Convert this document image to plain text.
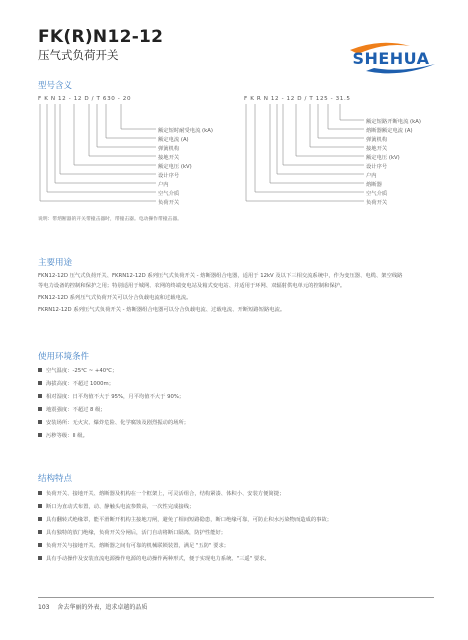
FK(R)N12-12
压气式负荷开关	SHEHUA
型号含义
F K N 12 - 12 D / T 630 - 20	F K R N 12 - 12 D / T 125 - 31.5
额定短时耐受电流 (kA)
额定电流 (A)
弹簧机构
接地开关
额定电压 (kV)
设计序号
户内
空气介质
负荷开关
额定短路开断电流 (kA)
熔断器额定电流 (A)
弹簧机构
接地开关
额定电压 (kV)
设计序号
户内
熔断器
空气介质
负荷开关
说明：带熔断器的开关带撞击器时，带撞击器。电动操作带撞击器。
主要用途
FKN12-12D 压气式负荷开关、FKRN12-12D 系列压气式负荷开关 - 熔断器组合电器，适用于 12kV 及以下三相交流系统中，作为变压器、电缆、架空线路
等电力设备的控制和保护之用；特别适用于城网、农网的终端变电站及箱式变电站、并适用于环网、双辐射供电单元的控制和保护。
FKN12-12D 系列压气式负荷开关可以分合负载电流和过载电流。
FKRN12-12D 系列压气式负荷开关 - 熔断器组合电器可以分合负载电流、过载电流、开断短路短路电流。
使用环境条件
空气温度：-25℃ ~ +40℃；
海拔高度：不超过 1000m；
相对湿度：日平均值不大于 95%，月平均值不大于 90%；
地震强度：不超过 8 级；
安装场所：无火灾、爆炸危险、化学腐蚀及剧烈振动的场所；
污秽等级：II 级。
结构特点
负荷开关、接地开关、熔断器及机构在一个框架上，可灵活组合，结构紧凑、体积小、安装方便简捷；
断口为直动式布置，动、静触头电流参数高，一次性完成接线；
具有翻转式绝缘罩，能平滑断开机构主接地刀闸，避免了相间短路隐患，断口绝缘可靠，可防止积水污染物而造成的事故；
具有独特的放门绝缘，负荷开关分闸后，活门自动将断口隔离，防护性能好；
负荷开关与接地开关、熔断器之间有可靠的机械联锁装置，满足 "五防" 要求；
具有手动操作及安装直流电源操作电源的电动操作两种形式，便于实现电力系统、"三遥" 要求。
103 舍去华丽的外表，追求卓越的品质
